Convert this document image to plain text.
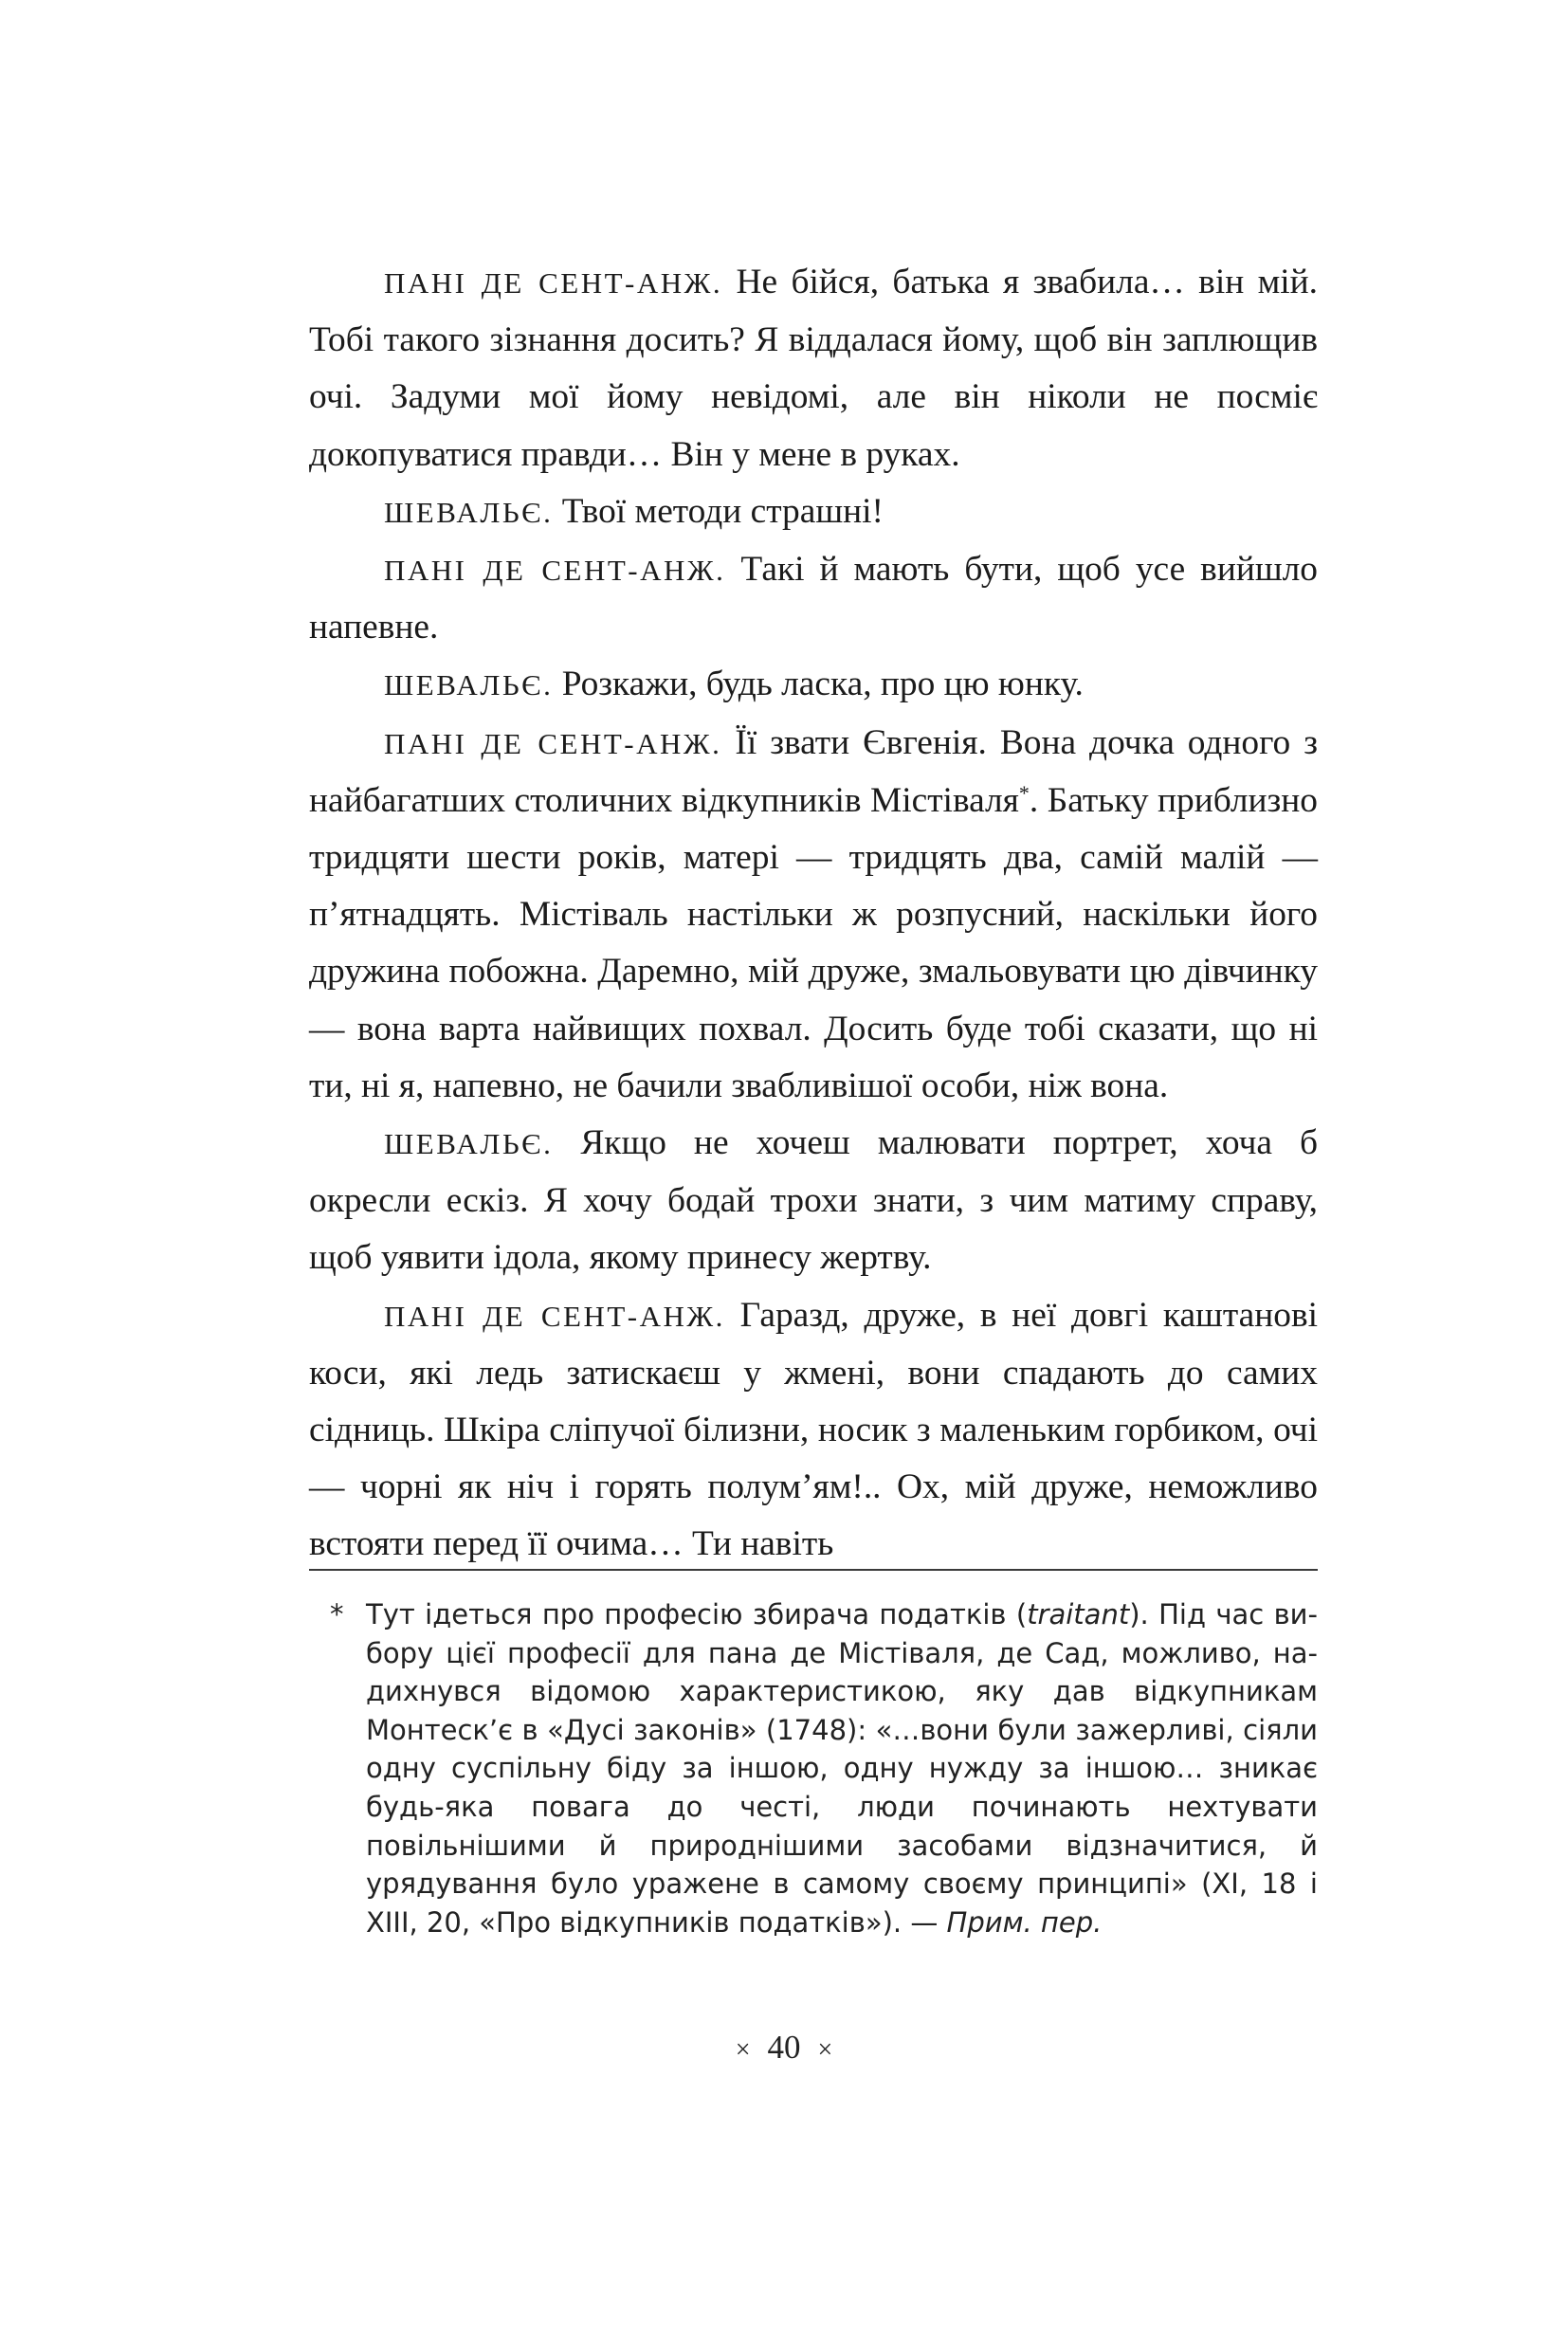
ПАНІ ДЕ СЕНТ-АНЖ. Не бійся, батька я звабила… він мій. Тобі такого зізнання досить? Я віддалася йому, щоб він заплющив очі. Задуми мої йому невідомі, але він ніколи не посміє докопуватися правди… Він у мене в руках.

ШЕВАЛЬЄ. Твої методи страшні!

ПАНІ ДЕ СЕНТ-АНЖ. Такі й мають бути, щоб усе вийшло напевне.

ШЕВАЛЬЄ. Розкажи, будь ласка, про цю юнку.

ПАНІ ДЕ СЕНТ-АНЖ. Її звати Євгенія. Вона дочка одного з найбагатших столичних відкупників Містіваля*. Батьку приблизно тридцяти шести років, матері — тридцять два, самій малій — п’ятнадцять. Містіваль настільки ж розпусний, наскільки його дружина побожна. Даремно, мій друже, змальовувати цю дівчинку — вона варта найвищих похвал. Досить буде тобі сказати, що ні ти, ні я, напевно, не бачили звабливішої особи, ніж вона.

ШЕВАЛЬЄ. Якщо не хочеш малювати портрет, хоча б окресли ескіз. Я хочу бодай трохи знати, з чим матиму справу, щоб уявити ідола, якому принесу жертву.

ПАНІ ДЕ СЕНТ-АНЖ. Гаразд, друже, в неї довгі каштанові коси, які ледь затискаєш у жмені, вони спадають до самих сідниць. Шкіра сліпучої білизни, носик з маленьким горбиком, очі — чорні як ніч і горять полум’ям!.. Ох, мій друже, неможливо встояти перед її очима… Ти навіть

* Тут ідеться про професію збирача податків (traitant). Під час вибору цієї професії для пана де Містіваля, де Сад, можливо, надихнувся відомою характеристикою, яку дав відкупникам Монтеск’є в «Дусі законів» (1748): «…вони були зажерливі, сіяли одну суспільну біду за іншою, одну нужду за іншою… зникає будь-яка повага до честі, люди починають нехтувати повільнішими й природнішими засобами відзначитися, й урядування було уражене в самому своєму принципі» (XI, 18 і XIII, 20, «Про відкупників податків»). — Прим. пер.
× 40 ×
